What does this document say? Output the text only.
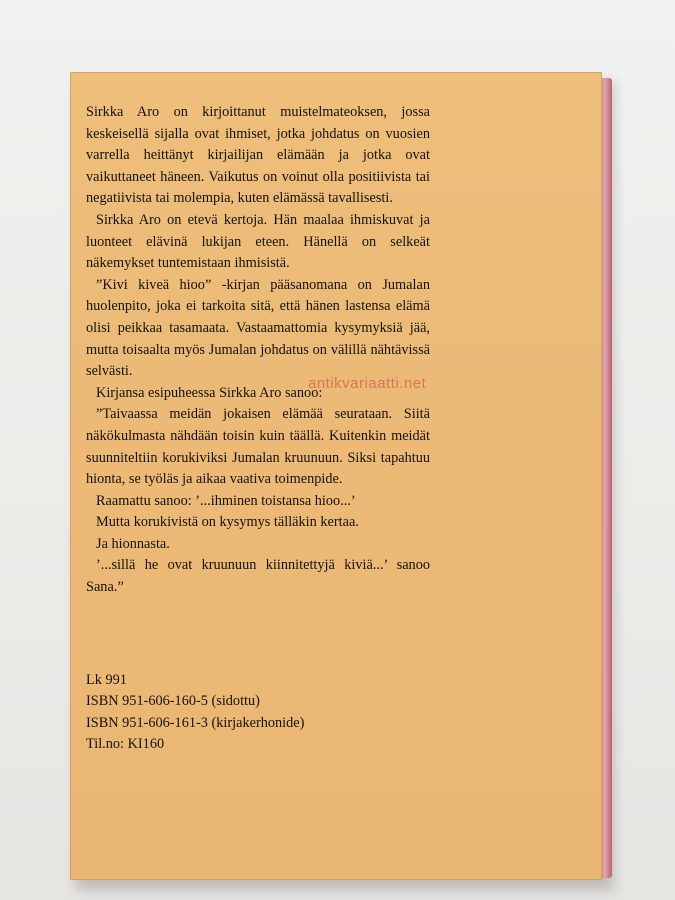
Sirkka Aro on kirjoittanut muistelmateoksen, jossa keskeisellä sijalla ovat ihmiset, jotka johdatus on vuosien varrella heittänyt kirjailijan elämään ja jotka ovat vaikuttaneet häneen. Vaikutus on voinut olla positiivista tai negatiivista tai molempia, kuten elämässä tavallisesti.

Sirkka Aro on etevä kertoja. Hän maalaa ihmiskuvat ja luonteet elävinä lukijan eteen. Hänellä on selkeät näkemykset tuntemistaan ihmisistä.

”Kivi kiveä hioo” -kirjan pääsanomana on Jumalan huolenpito, joka ei tarkoita sitä, että hänen lastensa elämä olisi peikkaa tasamaata. Vastaamattomia kysymyksiä jää, mutta toisaalta myös Jumalan johdatus on välillä nähtävissä selvästi.

Kirjansa esipuheessa Sirkka Aro sanoo:

”Taivaassa meidän jokaisen elämää seurataan. Siitä näkökulmasta nähdään toisin kuin täällä. Kuitenkin meidät suunniteltiin korukiviksi Jumalan kruunuun. Siksi tapahtuu hionta, se työläs ja aikaa vaativa toimenpide.

Raamattu sanoo: ’...ihminen toistansa hioo...’

Mutta korukivistä on kysymys tälläkin kertaa.

Ja hionnasta.

’...sillä he ovat kruunuun kiinnitettyjä kiviä...’ sanoo Sana.”

antikvariaatti.net
Lk 991
ISBN 951-606-160-5 (sidottu)
ISBN 951-606-161-3 (kirjakerhonide)
Til.no: KI160
